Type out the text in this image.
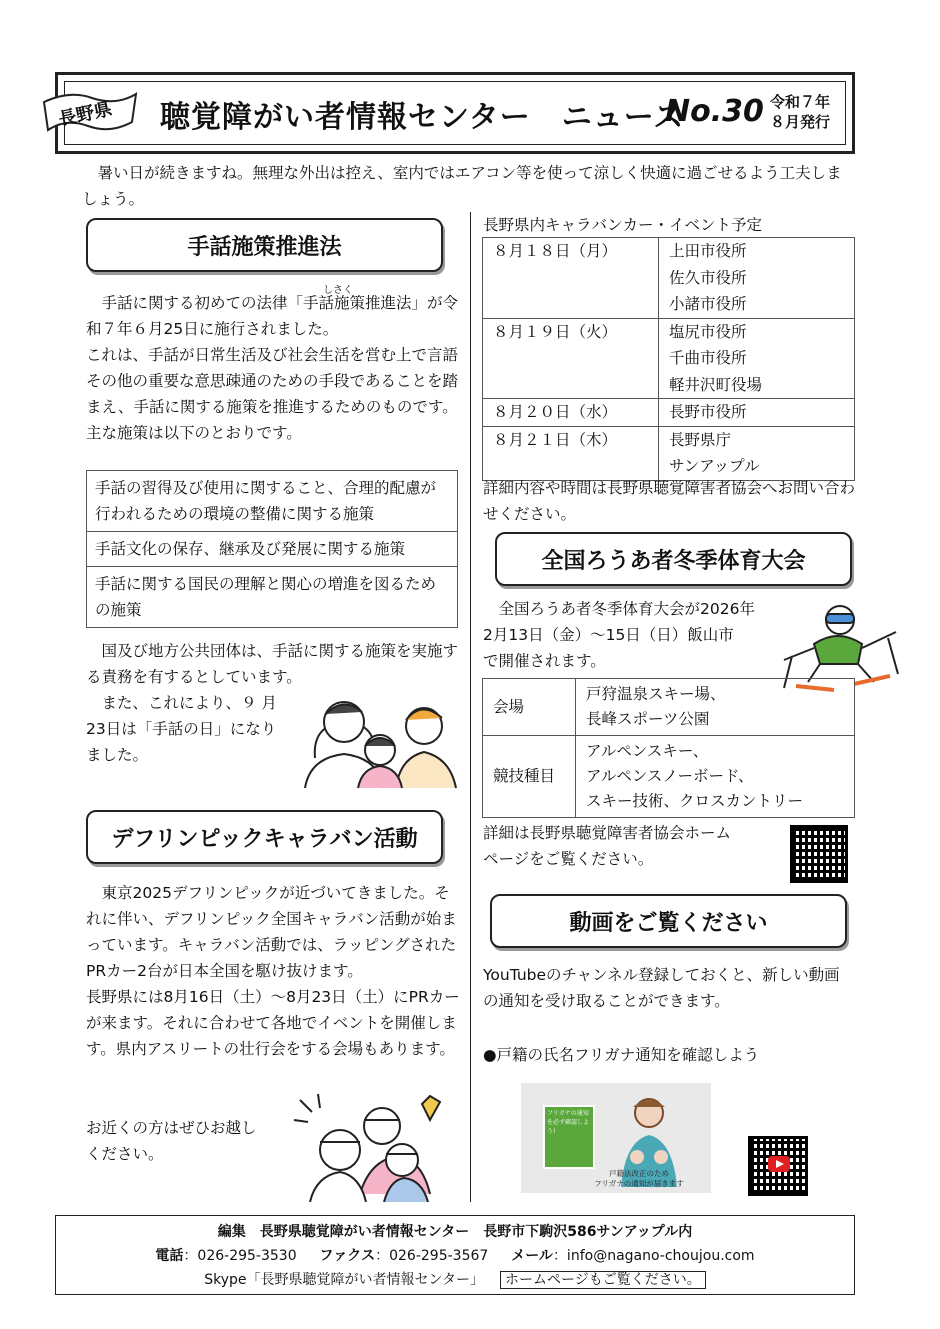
長野県 聴覚障がい者情報センター　ニュース
No.30 令和７年
８月発行
暑い日が続きますね。無理な外出は控え、室内ではエアコン等を使って涼しく快適に過ごせるよう工夫しましょう。
手話施策推進法
しさく
手話に関する初めての法律「手話施策推進法」が令和７年６月25日に施行されました。
これは、手話が日常生活及び社会生活を営む上で言語その他の重要な意思疎通のための手段であることを踏まえ、手話に関する施策を推進するためのものです。
主な施策は以下のとおりです。
手話の習得及び使用に関すること、合理的配慮が行われるための環境の整備に関する施策
手話文化の保存、継承及び発展に関する施策
手話に関する国民の理解と関心の増進を図るための施策
国及び地方公共団体は、手話に関する施策を実施する責務を有するとしています。
また、これにより、９ 月
23日は「手話の日」になり
ました。
デフリンピックキャラバン活動
東京2025デフリンピックが近づいてきました。それに伴い、デフリンピック全国キャラバン活動が始まっています。キャラバン活動では、ラッピングされたPRカー2台が日本全国を駆け抜けます。
長野県には8月16日（土）～8月23日（土）にPRカーが来ます。それに合わせて各地でイベントを開催します。県内アスリートの壮行会をする会場もあります。
お近くの方はぜひお越し
ください。
長野県内キャラバンカー・イベント予定
８月１８日（月）	上田市役所
佐久市役所
小諸市役所

８月１９日（火）	塩尻市役所
千曲市役所
軽井沢町役場

８月２０日（水）	長野市役所

８月２１日（木）	長野県庁
サンアップル
詳細内容や時間は長野県聴覚障害者協会へお問い合わせください。
全国ろうあ者冬季体育大会
全国ろうあ者冬季体育大会が2026年
2月13日（金）～15日（日）飯山市
で開催されます。
会場	戸狩温泉スキー場、
長峰スポーツ公園

競技種目	アルペンスキー、
アルペンスノーボード、
スキー技術、クロスカントリー
詳細は長野県聴覚障害者協会ホーム
ページをご覧ください。
動画をご覧ください
YouTubeのチャンネル登録しておくと、新しい動画の通知を受け取ることができます。
●戸籍の氏名フリガナ通知を確認しよう
フリガナの通知を必ず確認しよう!
戸籍法改正のため
フリガナの通知が届きます
編集　長野県聴覚障がい者情報センター　長野市下駒沢586サンアップル内
電話：026-295-3530 ファクス：026-295-3567 メール：info@nagano-choujou.com
Skype「長野県聴覚障がい者情報センター」 ホームページもご覧ください。
